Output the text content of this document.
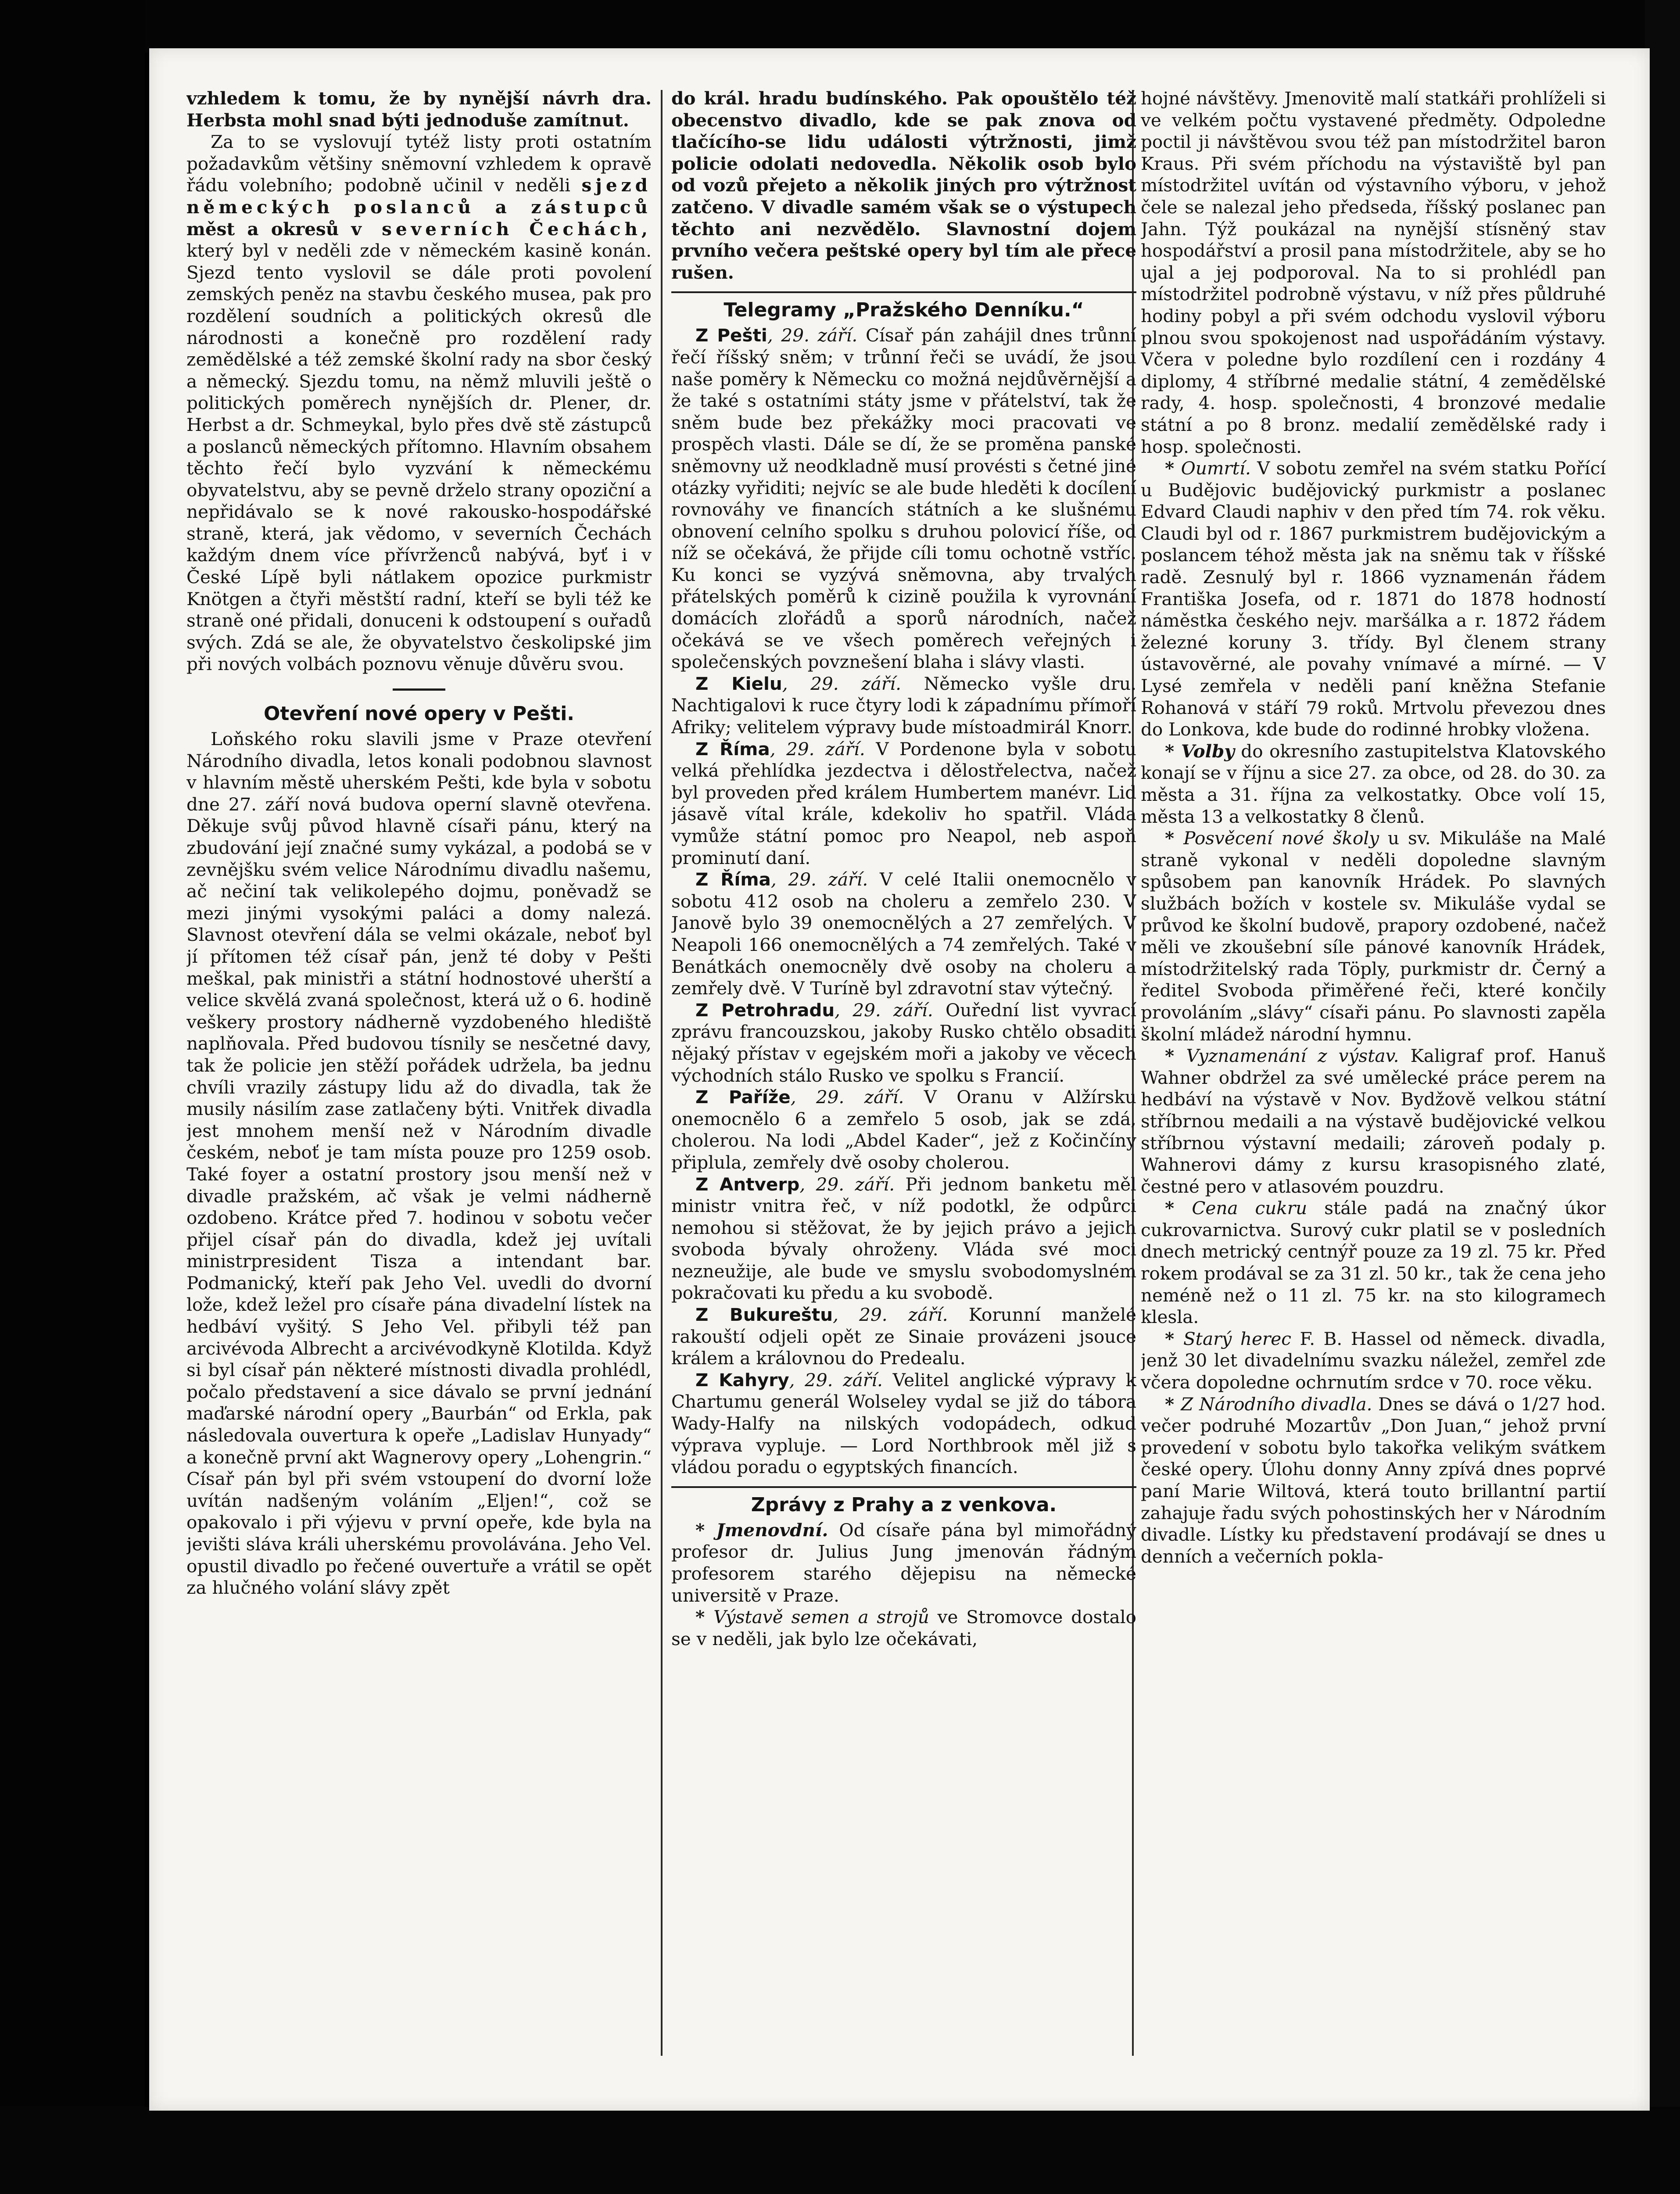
vzhledem k tomu, že by nynější návrh dra. Herbsta mohl snad býti jednoduše zamítnut.

Za to se vyslovují tytéž listy proti ostatním požadavkům většiny sněmovní vzhledem k opravě řádu volebního; podobně učinil v neděli sjezd německých poslanců a zástupců měst a okresů v severních Čechách, který byl v neděli zde v německém kasině konán. Sjezd tento vyslovil se dále proti povolení zemských peněz na stavbu českého musea, pak pro rozdělení soudních a politických okresů dle národnosti a konečně pro rozdělení rady zemědělské a též zemské školní rady na sbor český a německý. Sjezdu tomu, na němž mluvili ještě o politických poměrech nynějších dr. Plener, dr. Herbst a dr. Schmeykal, bylo přes dvě stě zástupců a poslanců německých přítomno. Hlavním obsahem těchto řečí bylo vyzvání k německému obyvatelstvu, aby se pevně drželo strany opoziční a nepřidávalo se k nové rakousko-hospodářské straně, která, jak vědomo, v severních Čechách každým dnem více přívrženců nabývá, byť i v České Lípě byli nátlakem opozice purkmistr Knötgen a čtyři městští radní, kteří se byli též ke straně oné přidali, donuceni k odstoupení s ouřadů svých. Zdá se ale, že obyvatelstvo českolipské jim při nových volbách poznovu věnuje důvěru svou.

Otevření nové opery v Pešti.

Loňského roku slavili jsme v Praze otevření Národního divadla, letos konali podobnou slavnost v hlavním městě uherském Pešti, kde byla v sobotu dne 27. září nová budova operní slavně otevřena. Děkuje svůj původ hlavně císaři pánu, který na zbudování její značné sumy vykázal, a podobá se v zevnějšku svém velice Národnímu divadlu našemu, ač nečiní tak velikolepého dojmu, poněvadž se mezi jinými vysokými paláci a domy nalezá. Slavnost otevření dála se velmi okázale, neboť byl jí přítomen též císař pán, jenž té doby v Pešti meškal, pak ministři a státní hodnostové uherští a velice skvělá zvaná společnost, která už o 6. hodině veškery prostory nádherně vyzdobeného hlediště naplňovala. Před budovou tísnily se nesčetné davy, tak že policie jen stěží pořádek udržela, ba jednu chvíli vrazily zástupy lidu až do divadla, tak že musily násilím zase zatlačeny býti. Vnitřek divadla jest mnohem menší než v Národním divadle českém, neboť je tam místa pouze pro 1259 osob. Také foyer a ostatní prostory jsou menší než v divadle pražském, ač však je velmi nádherně ozdobeno. Krátce před 7. hodinou v sobotu večer přijel císař pán do divadla, kdež jej uvítali ministrpresident Tisza a intendant bar. Podmanický, kteří pak Jeho Vel. uvedli do dvorní lože, kdež ležel pro císaře pána divadelní lístek na hedbáví vyšitý. S Jeho Vel. přibyli též pan arcivévoda Albrecht a arcivévodkyně Klotilda. Když si byl císař pán některé místnosti divadla prohlédl, počalo představení a sice dávalo se první jednání maďarské národní opery „Baurbán“ od Erkla, pak následovala ouvertura k opeře „Ladislav Hunyady“ a konečně první akt Wagnerovy opery „Lohengrin.“ Císař pán byl při svém vstoupení do dvorní lože uvítán nadšeným voláním „Eljen!“, což se opakovalo i při výjevu v první opeře, kde byla na jevišti sláva králi uherskému provolávána. Jeho Vel. opustil divadlo po řečené ouvertuře a vrátil se opět za hlučného volání slávy zpět

do král. hradu budínského. Pak opouštělo též obecenstvo divadlo, kde se pak znova od tlačícího-se lidu události výtržnosti, jimž policie odolati nedovedla. Několik osob bylo od vozů přejeto a několik jiných pro výtržnost zatčeno. V divadle samém však se o výstupech těchto ani nezvědělo. Slavnostní dojem prvního večera peštské opery byl tím ale přece rušen.

Telegramy „Pražského Denníku.“

Z Pešti, 29. září. Císař pán zahájil dnes trůnní řečí říšský sněm; v trůnní řeči se uvádí, že jsou naše poměry k Německu co možná nejdůvěrnější a že také s ostatními státy jsme v přátelství, tak že sněm bude bez překážky moci pracovati ve prospěch vlasti. Dále se dí, že se proměna panské sněmovny už neodkladně musí provésti s četné jiné otázky vyřiditi; nejvíc se ale bude hleděti k docílení rovnováhy ve financích státních a ke slušnému obnovení celního spolku s druhou polovicí říše, od níž se očekává, že přijde cíli tomu ochotně vstříc. Ku konci se vyzývá sněmovna, aby trvalých přátelských poměrů k cizině použila k vyrovnání domácích zlořádů a sporů národních, načež očekává se ve všech poměrech veřejných i společenských povznešení blaha i slávy vlasti.

Z Kielu, 29. září. Německo vyšle dru. Nachtigalovi k ruce čtyry lodi k západnímu přímoří Afriky; velitelem výpravy bude místoadmirál Knorr.

Z Říma, 29. září. V Pordenone byla v sobotu velká přehlídka jezdectva i dělostřelectva, načež byl proveden před králem Humbertem manévr. Lid jásavě vítal krále, kdekoliv ho spatřil. Vláda vymůže státní pomoc pro Neapol, neb aspoň prominutí daní.

Z Říma, 29. září. V celé Italii onemocnělo v sobotu 412 osob na choleru a zemřelo 230. V Janově bylo 39 onemocnělých a 27 zemřelých. V Neapoli 166 onemocnělých a 74 zemřelých. Také v Benátkách onemocněly dvě osoby na choleru a zemřely dvě. V Turíně byl zdravotní stav výtečný.

Z Petrohradu, 29. září. Ouřední list vyvrací zprávu francouzskou, jakoby Rusko chtělo obsaditi nějaký přístav v egejském moři a jakoby ve věcech východních stálo Rusko ve spolku s Francií.

Z Paříže, 29. září. V Oranu v Alžírsku onemocnělo 6 a zemřelo 5 osob, jak se zdá, cholerou. Na lodi „Abdel Kader“, jež z Kočinčíny připlula, zemřely dvě osoby cholerou.

Z Antverp, 29. září. Při jednom banketu měl ministr vnitra řeč, v níž podotkl, že odpůrci nemohou si stěžovat, že by jejich právo a jejich svoboda bývaly ohroženy. Vláda své moci nezneužije, ale bude ve smyslu svobodomyslném pokračovati ku předu a ku svobodě.

Z Bukureštu, 29. září. Korunní manželé rakouští odjeli opět ze Sinaie provázeni jsouce králem a královnou do Predealu.

Z Kahyry, 29. září. Velitel anglické výpravy k Chartumu generál Wolseley vydal se již do tábora Wady-Halfy na nilských vodopádech, odkud výprava vypluje. — Lord Northbrook měl již s vládou poradu o egyptských financích.

Zprávy z Prahy a z venkova.

* Jmenovdní. Od císaře pána byl mimořádný profesor dr. Julius Jung jmenován řádným profesorem starého dějepisu na německé universitě v Praze.

* Výstavě semen a strojů ve Stromovce dostalo se v neděli, jak bylo lze očekávati,

hojné návštěvy. Jmenovitě malí statkáři prohlíželi si ve velkém počtu vystavené předměty. Odpoledne poctil ji návštěvou svou též pan místodržitel baron Kraus. Při svém příchodu na výstaviště byl pan místodržitel uvítán od výstavního výboru, v jehož čele se nalezal jeho předseda, říšský poslanec pan Jahn. Týž poukázal na nynější stísněný stav hospodářství a prosil pana místodržitele, aby se ho ujal a jej podporoval. Na to si prohlédl pan místodržitel podrobně výstavu, v níž přes půldruhé hodiny pobyl a při svém odchodu vyslovil výboru plnou svou spokojenost nad uspořádáním výstavy. Včera v poledne bylo rozdílení cen i rozdány 4 diplomy, 4 stříbrné medalie státní, 4 zemědělské rady, 4. hosp. společnosti, 4 bronzové medalie státní a po 8 bronz. medalií zemědělské rady i hosp. společnosti.

* Oumrtí. V sobotu zemřel na svém statku Pořící u Budějovic budějovický purkmistr a poslanec Edvard Claudi naphiv v den před tím 74. rok věku. Claudi byl od r. 1867 purkmistrem budějovickým a poslancem téhož města jak na sněmu tak v říšské radě. Zesnulý byl r. 1866 vyznamenán řádem Františka Josefa, od r. 1871 do 1878 hodností náměstka českého nejv. maršálka a r. 1872 řádem železné koruny 3. třídy. Byl členem strany ústavověrné, ale povahy vnímavé a mírné. — V Lysé zemřela v neděli paní kněžna Stefanie Rohanová v stáří 79 roků. Mrtvolu převezou dnes do Lonkova, kde bude do rodinné hrobky vložena.

* Volby do okresního zastupitelstva Klatovského konají se v říjnu a sice 27. za obce, od 28. do 30. za města a 31. října za velkostatky. Obce volí 15, města 13 a velkostatky 8 členů.

* Posvěcení nové školy u sv. Mikuláše na Malé straně vykonal v neděli dopoledne slavným spůsobem pan kanovník Hrádek. Po slavných službách božích v kostele sv. Mikuláše vydal se průvod ke školní budově, prapory ozdobené, načež měli ve zkoušební síle pánové kanovník Hrádek, místodržitelský rada Töply, purkmistr dr. Černý a ředitel Svoboda přiměřené řeči, které končily provoláním „slávy“ císaři pánu. Po slavnosti zapěla školní mládež národní hymnu.

* Vyznamenání z výstav. Kaligraf prof. Hanuš Wahner obdržel za své umělecké práce perem na hedbáví na výstavě v Nov. Bydžově velkou státní stříbrnou medaili a na výstavě budějovické velkou stříbrnou výstavní medaili; zároveň podaly p. Wahnerovi dámy z kursu krasopisného zlaté, čestné pero v atlasovém pouzdru.

* Cena cukru stále padá na značný úkor cukrovarnictva. Surový cukr platil se v posledních dnech metrický centnýř pouze za 19 zl. 75 kr. Před rokem prodával se za 31 zl. 50 kr., tak že cena jeho neméně než o 11 zl. 75 kr. na sto kilogramech klesla.

* Starý herec F. B. Hassel od německ. divadla, jenž 30 let divadelnímu svazku náležel, zemřel zde včera dopoledne ochrnutím srdce v 70. roce věku.

* Z Národního divadla. Dnes se dává o 1/27 hod. večer podruhé Mozartův „Don Juan,“ jehož první provedení v sobotu bylo takořka velikým svátkem české opery. Úlohu donny Anny zpívá dnes poprvé paní Marie Wiltová, která touto brillantní partií zahajuje řadu svých pohostinských her v Národním divadle. Lístky ku představení prodávají se dnes u denních a večerních pokla-
